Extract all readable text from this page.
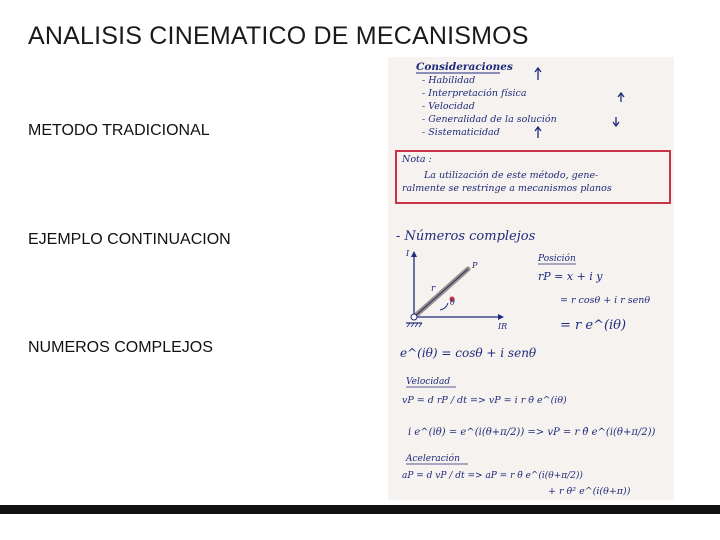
ANALISIS CINEMATICO DE MECANISMOS
METODO TRADICIONAL
EJEMPLO CONTINUACION
NUMEROS COMPLEJOS
Consideraciones
- Habilidad
- Interpretación física
- Velocidad
- Generalidad de la solución
- Sistematicidad
Nota :
La utilización de este método, gene-
ralmente se restringe a mecanismos planos
- Números complejos
I
IR
P
r
θ
Posición
rP = x + i y
= r cosθ + i r senθ
= r e^(iθ)
e^(iθ) = cosθ + i senθ
Velocidad
vP = d rP / dt => vP = i r θ̇ e^(iθ)
i e^(iθ) = e^(i(θ+π/2)) => vP = r θ̇ e^(i(θ+π/2))
Aceleración
aP = d vP / dt => aP = r θ̈ e^(i(θ+π/2))
+ r θ̇² e^(i(θ+π))
